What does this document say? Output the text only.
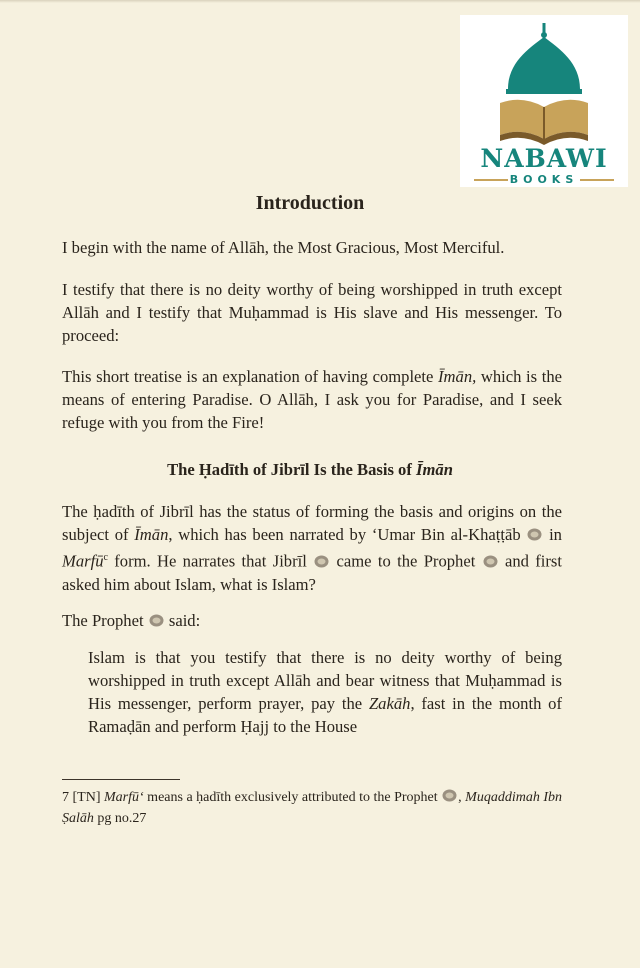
NABAWI
BOOKS
Introduction

I begin with the name of Allāh, the Most Gracious, Most Merciful.

I testify that there is no deity worthy of being worshipped in truth except Allāh and I testify that Muḥammad is His slave and His messenger. To proceed:

This short treatise is an explanation of having complete Īmān, which is the means of entering Paradise. O Allāh, I ask you for Paradise, and I seek refuge with you from the Fire!

The Ḥadīth of Jibrīl Is the Basis of Īmān

The ḥadīth of Jibrīl has the status of forming the basis and origins on the subject of Īmān, which has been narrated by ‘Umar Bin al-Khaṭṭāb  in Marfū$^c$ form. He narrates that Jibrīl  came to the Prophet  and first asked him about Islam, what is Islam?

The Prophet  said:

Islam is that you testify that there is no deity worthy of being worshipped in truth except Allāh and bear witness that Muḥammad is His messenger, perform prayer, pay the Zakāh, fast in the month of Ramaḍān and perform Ḥajj to the House

7 [TN] Marfū‘ means a ḥadīth exclusively attributed to the Prophet , Muqaddimah Ibn Ṣalāh pg no.27
